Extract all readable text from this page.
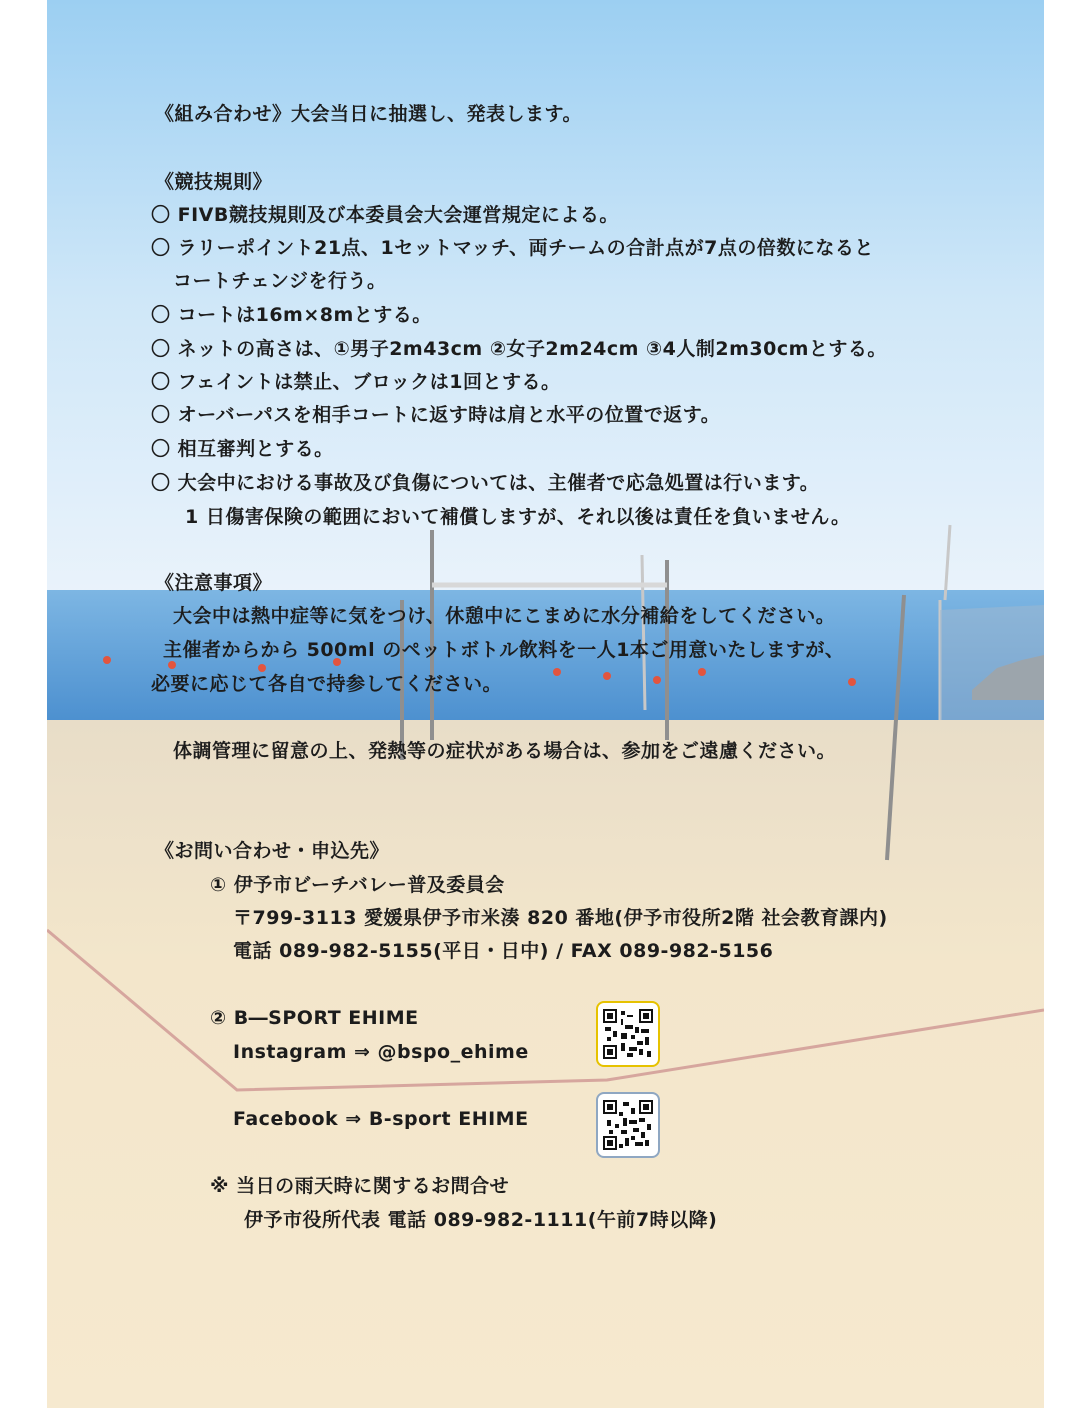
《組み合わせ》 大会当日に抽選し、発表します。
《競技規則》
〇 FIVB競技規則及び本委員会大会運営規定による。
〇 ラリーポイント21点、1セットマッチ、両チームの合計点が7点の倍数になると
コートチェンジを行う。
〇 コートは16m×8mとする。
〇 ネットの高さは、①男子2m43cm ②女子2m24cm ③4人制2m30cmとする。
〇 フェイントは禁止、ブロックは1回とする。
〇 オーバーパスを相手コートに返す時は肩と水平の位置で返す。
〇 相互審判とする。
〇 大会中における事故及び負傷については、主催者で応急処置は行います。
1 日傷害保険の範囲において補償しますが、それ以後は責任を負いません。
《注意事項》
大会中は熱中症等に気をつけ、休憩中にこまめに水分補給をしてください。
主催者からから 500ml のペットボトル飲料を一人1本ご用意いたしますが、
必要に応じて各自で持参してください。
体調管理に留意の上、発熱等の症状がある場合は、参加をご遠慮ください。
《お問い合わせ・申込先》
① 伊予市ビーチバレー普及委員会
〒799-3113 愛媛県伊予市米湊 820 番地(伊予市役所2階 社会教育課内)
電話 089-982-5155(平日・日中) / FAX 089-982-5156
② B―SPORT EHIME
Instagram ⇒ @bspo_ehime
Facebook ⇒ B-sport EHIME
※ 当日の雨天時に関するお問合せ
伊予市役所代表 電話 089-982-1111(午前7時以降)
